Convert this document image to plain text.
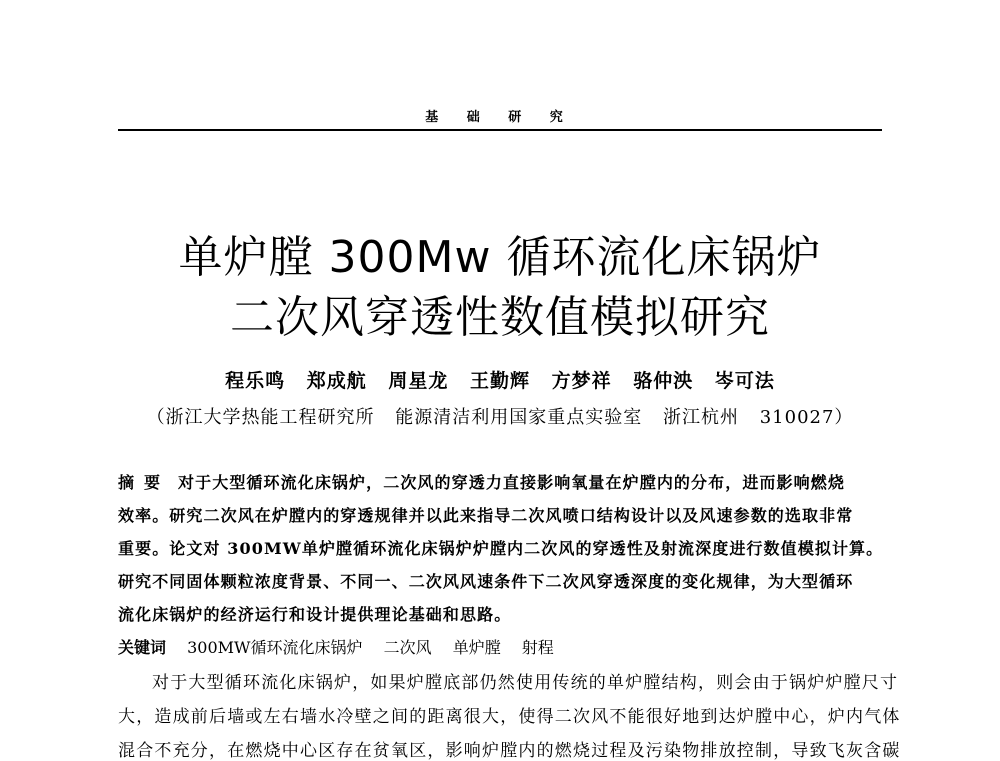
基 础 研 究
单炉膛 300Mw 循环流化床锅炉
二次风穿透性数值模拟研究
程乐鸣 郑成航 周星龙 王勤辉 方梦祥 骆仲泱 岑可法
（浙江大学热能工程研究所 能源清洁利用国家重点实验室 浙江杭州 310027）
摘要 对于大型循环流化床锅炉，二次风的穿透力直接影响氧量在炉膛内的分布，进而影响燃烧
效率。研究二次风在炉膛内的穿透规律并以此来指导二次风喷口结构设计以及风速参数的选取非常
重要。论文对 300MW单炉膛循环流化床锅炉炉膛内二次风的穿透性及射流深度进行数值模拟计算。
研究不同固体颗粒浓度背景、不同一、二次风风速条件下二次风穿透深度的变化规律，为大型循环
流化床锅炉的经济运行和设计提供理论基础和思路。
关键词 300MW循环流化床锅炉 二次风 单炉膛 射程
对于大型循环流化床锅炉，如果炉膛底部仍然使用传统的单炉膛结构，则会由于锅炉炉膛尺寸
大，造成前后墙或左右墙水冷壁之间的距离很大，使得二次风不能很好地到达炉膛中心，炉内气体
混合不充分，在燃烧中心区存在贫氧区，影响炉膛内的燃烧过程及污染物排放控制，导致飞灰含碳
